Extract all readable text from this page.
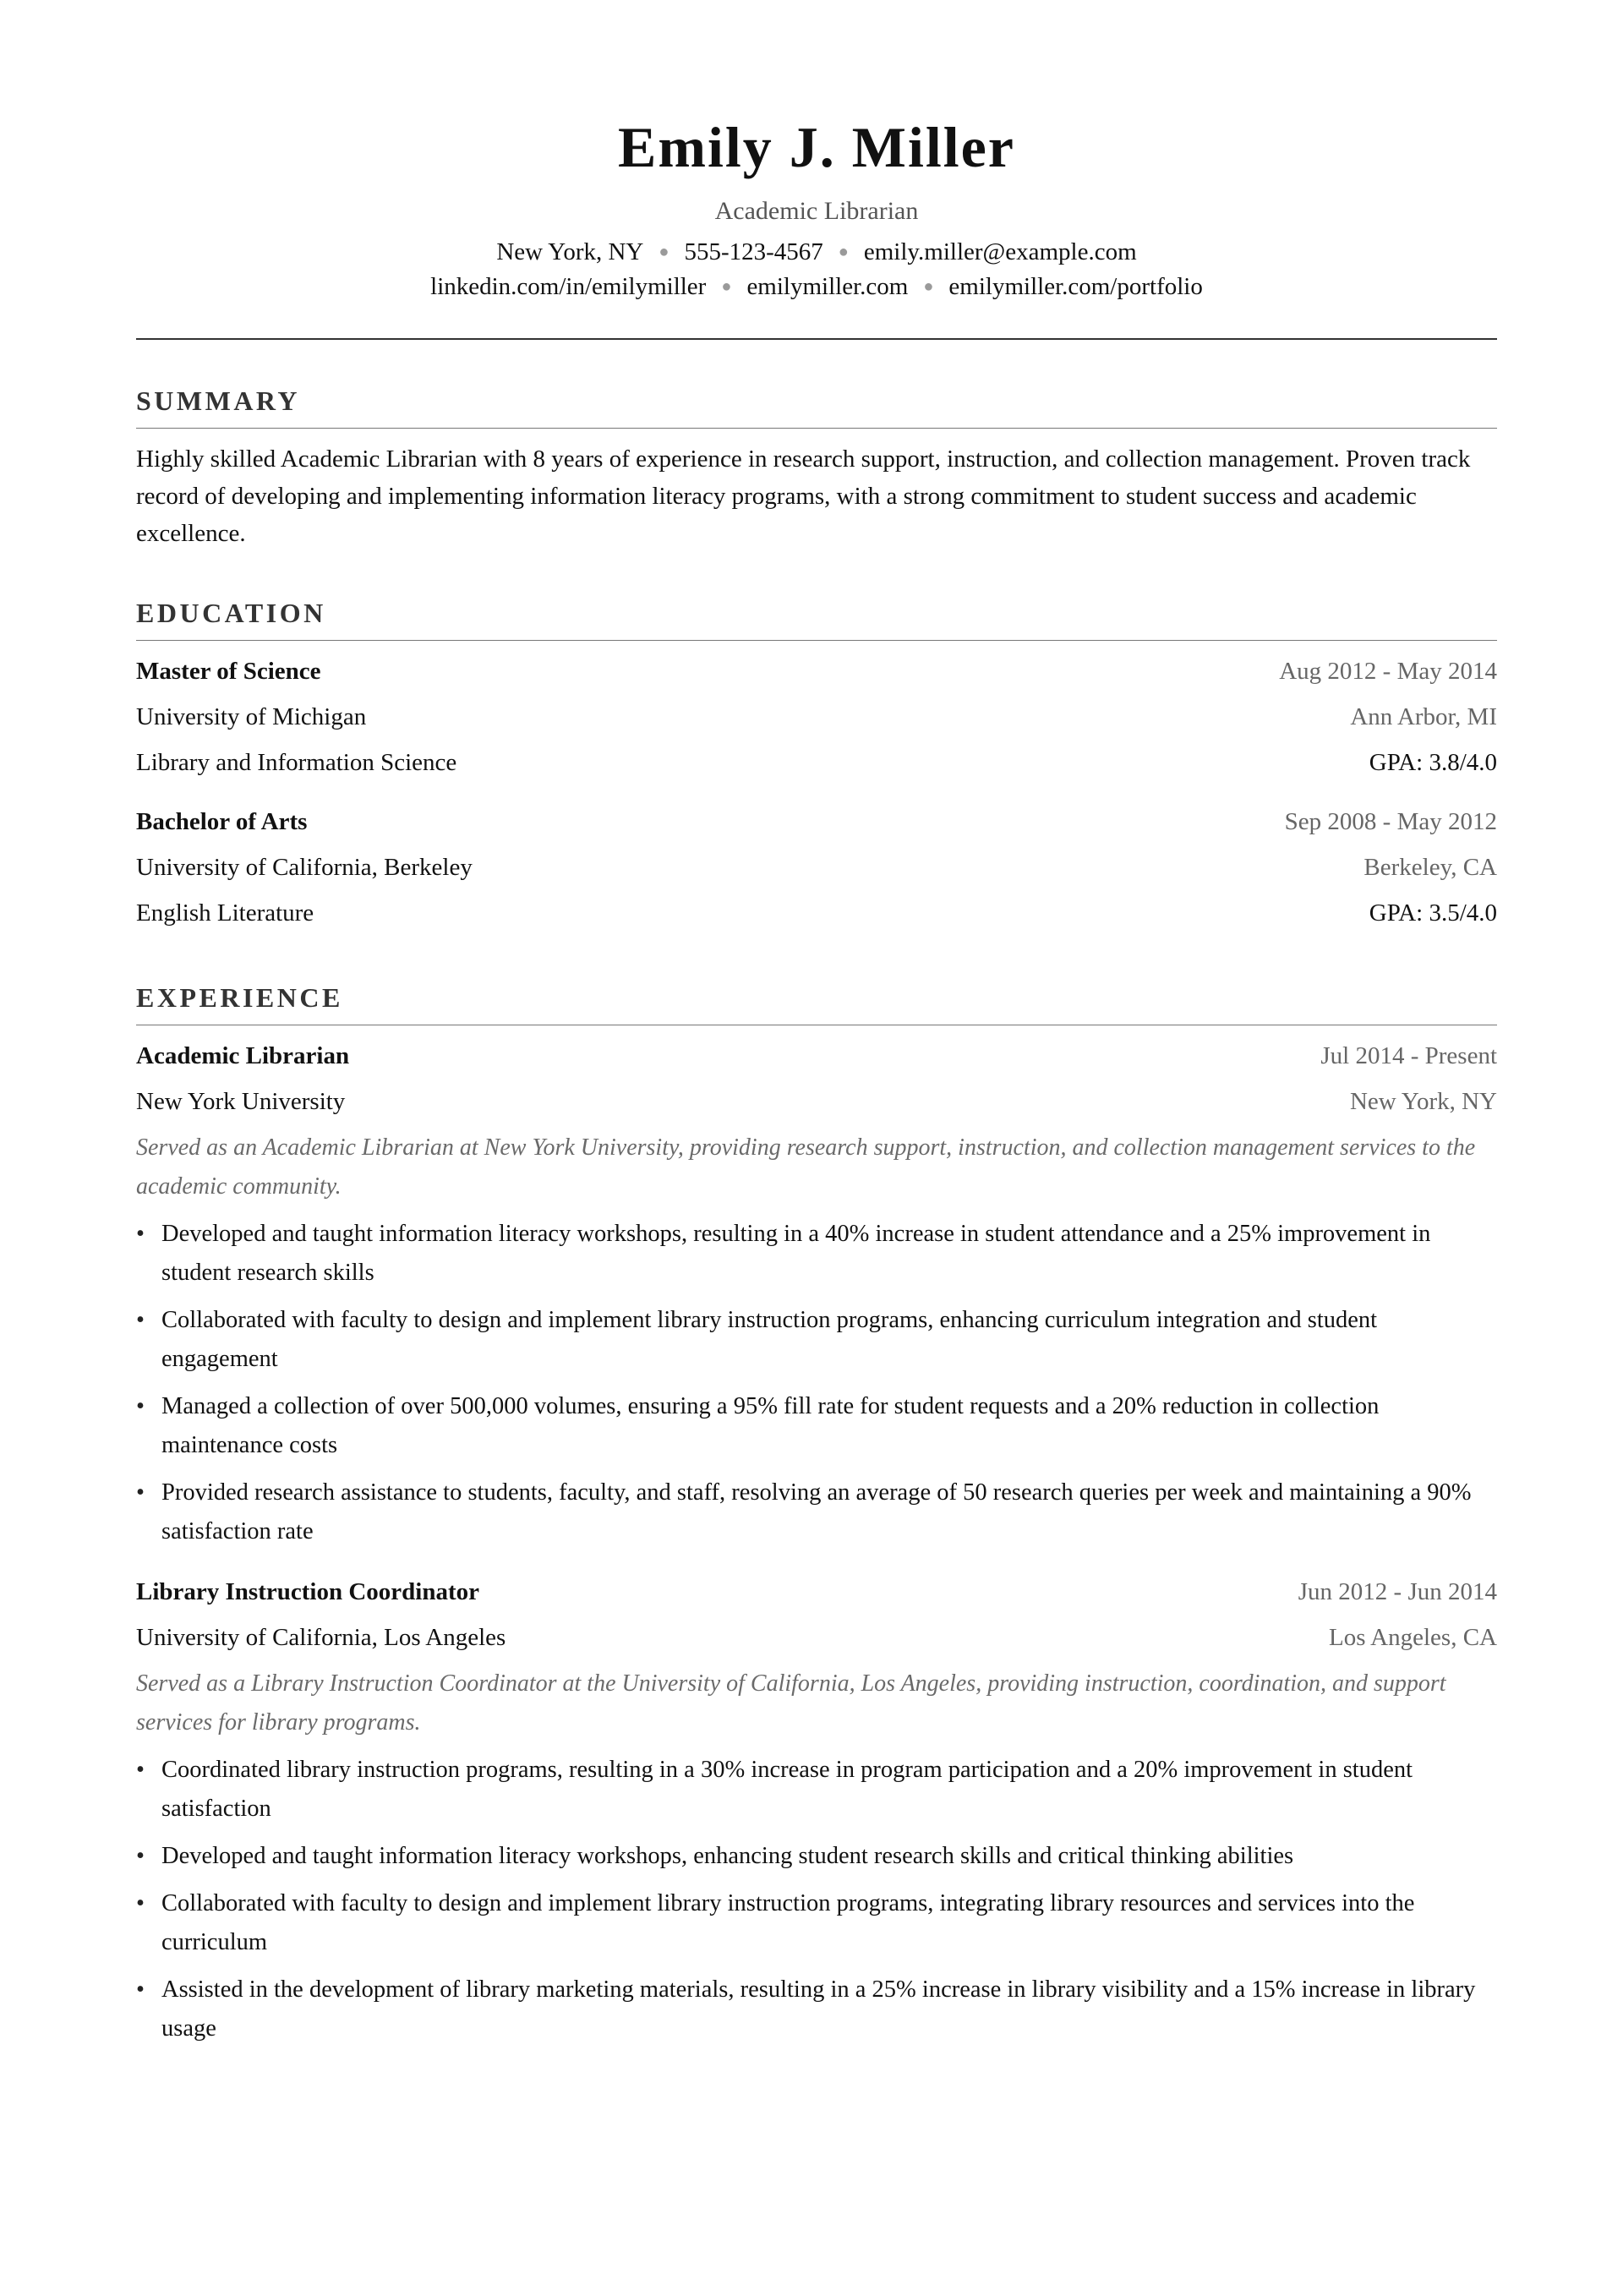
Emily J. Miller
Academic Librarian
New York, NY ● 555-123-4567 ● emily.miller@example.com
linkedin.com/in/emilymiller ● emilymiller.com ● emilymiller.com/portfolio
SUMMARY

Highly skilled Academic Librarian with 8 years of experience in research support, instruction, and collection management. Proven track record of developing and implementing information literacy programs, with a strong commitment to student success and academic excellence.

EDUCATION
Master of Science	Aug 2012 - May 2014
University of Michigan	Ann Arbor, MI
Library and Information Science	GPA: 3.8/4.0
Bachelor of Arts	Sep 2008 - May 2012
University of California, Berkeley	Berkeley, CA
English Literature	GPA: 3.5/4.0
EXPERIENCE
Academic Librarian	Jul 2014 - Present
New York University	New York, NY
Served as an Academic Librarian at New York University, providing research support, instruction, and collection management services to the academic community.
• Developed and taught information literacy workshops, resulting in a 40% increase in student attendance and a 25% improvement in student research skills
• Collaborated with faculty to design and implement library instruction programs, enhancing curriculum integration and student engagement
• Managed a collection of over 500,000 volumes, ensuring a 95% fill rate for student requests and a 20% reduction in collection maintenance costs
• Provided research assistance to students, faculty, and staff, resolving an average of 50 research queries per week and maintaining a 90% satisfaction rate
Library Instruction Coordinator	Jun 2012 - Jun 2014
University of California, Los Angeles	Los Angeles, CA
Served as a Library Instruction Coordinator at the University of California, Los Angeles, providing instruction, coordination, and support services for library programs.
• Coordinated library instruction programs, resulting in a 30% increase in program participation and a 20% improvement in student satisfaction
• Developed and taught information literacy workshops, enhancing student research skills and critical thinking abilities
• Collaborated with faculty to design and implement library instruction programs, integrating library resources and services into the curriculum
• Assisted in the development of library marketing materials, resulting in a 25% increase in library visibility and a 15% increase in library usage
